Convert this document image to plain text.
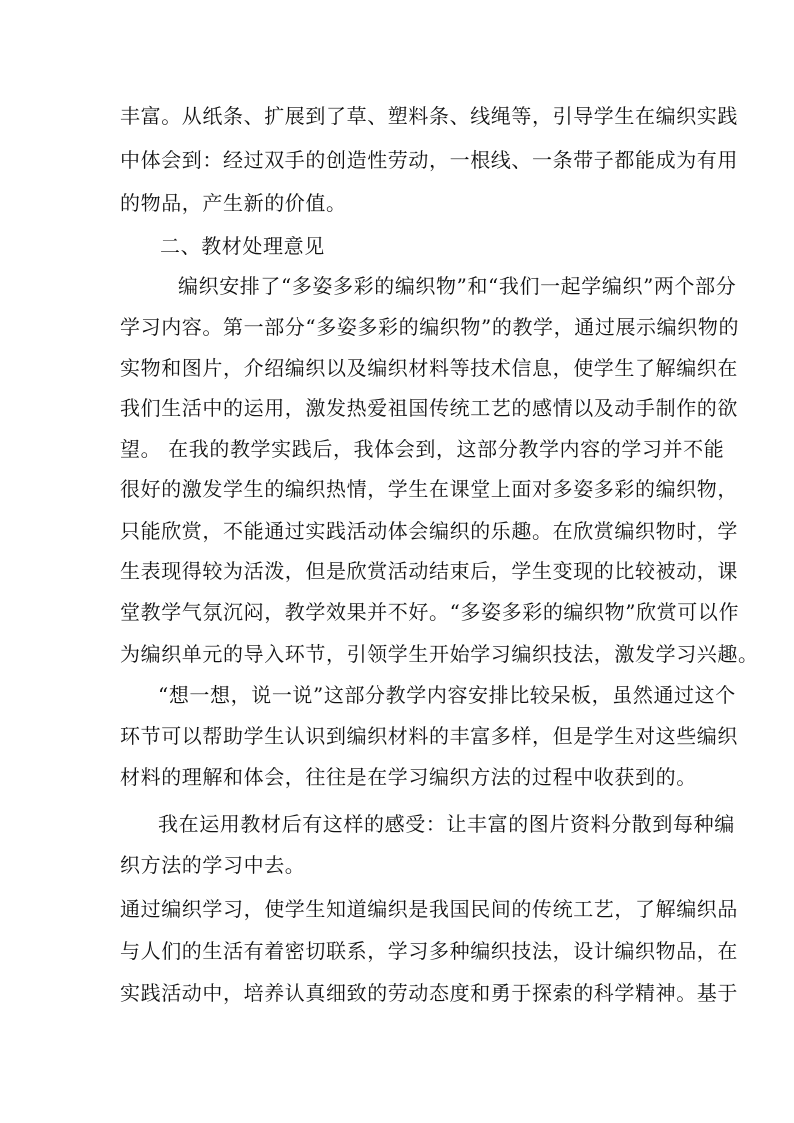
丰富。从纸条、扩展到了草、塑料条、线绳等，引导学生在编织实践
中体会到：经过双手的创造性劳动，一根线、一条带子都能成为有用
的物品，产生新的价值。
二、教材处理意见
编织安排了“多姿多彩的编织物”和“我们一起学编织”两个部分
学习内容。第一部分“多姿多彩的编织物”的教学，通过展示编织物的
实物和图片，介绍编织以及编织材料等技术信息，使学生了解编织在
我们生活中的运用，激发热爱祖国传统工艺的感情以及动手制作的欲
望。 在我的教学实践后，我体会到，这部分教学内容的学习并不能
很好的激发学生的编织热情，学生在课堂上面对多姿多彩的编织物，
只能欣赏，不能通过实践活动体会编织的乐趣。在欣赏编织物时，学
生表现得较为活泼，但是欣赏活动结束后，学生变现的比较被动，课
堂教学气氛沉闷，教学效果并不好。“多姿多彩的编织物”欣赏可以作
为编织单元的导入环节，引领学生开始学习编织技法，激发学习兴趣。
“想一想，说一说”这部分教学内容安排比较呆板，虽然通过这个
环节可以帮助学生认识到编织材料的丰富多样，但是学生对这些编织
材料的理解和体会，往往是在学习编织方法的过程中收获到的。
我在运用教材后有这样的感受：让丰富的图片资料分散到每种编
织方法的学习中去。
通过编织学习，使学生知道编织是我国民间的传统工艺，了解编织品
与人们的生活有着密切联系，学习多种编织技法，设计编织物品，在
实践活动中，培养认真细致的劳动态度和勇于探索的科学精神。基于
